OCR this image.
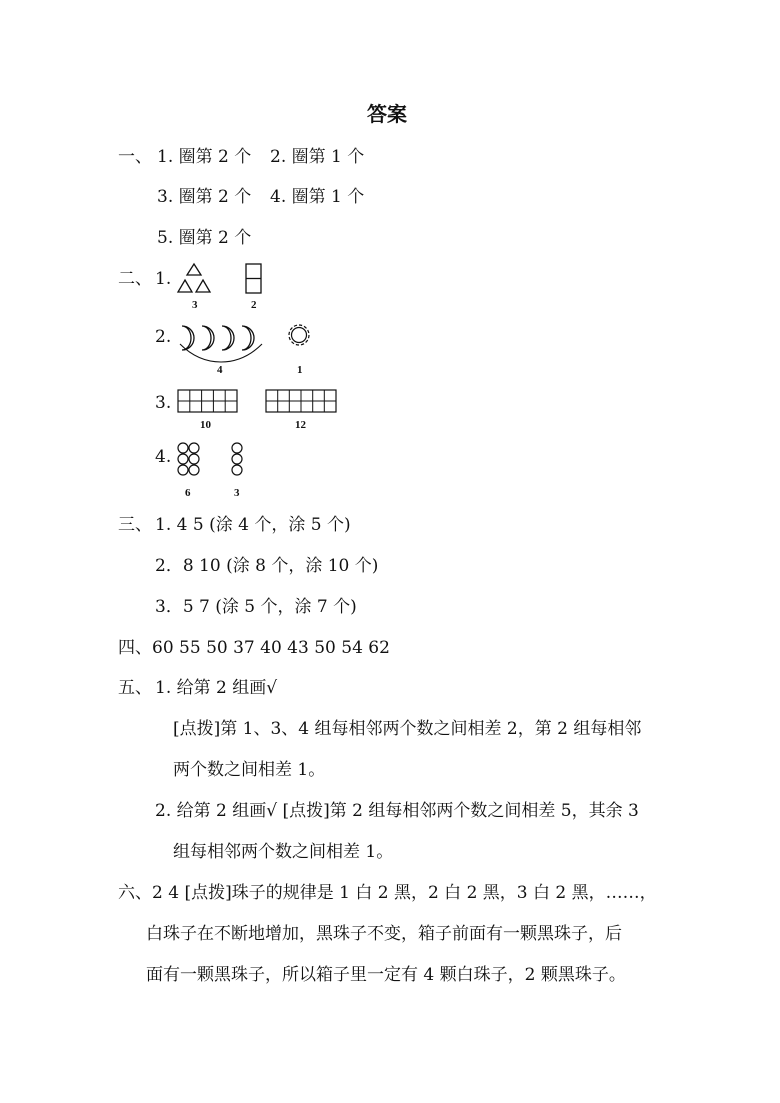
答案
一、 1. 圈第 2 个 2. 圈第 1 个
3. 圈第 2 个 4. 圈第 1 个
5. 圈第 2 个
二、 1.
3	2
2.
4	1
3.
10	12
4.
6	3
三、 1. 4 5 (涂 4 个，涂 5 个)
2．8 10 (涂 8 个，涂 10 个)
3．5 7 (涂 5 个，涂 7 个)
四、60 55 50 37 40 43 50 54 62
五、 1. 给第 2 组画√
[点拨]第 1、3、4 组每相邻两个数之间相差 2，第 2 组每相邻
两个数之间相差 1。
2. 给第 2 组画√ [点拨]第 2 组每相邻两个数之间相差 5，其余 3
组每相邻两个数之间相差 1。
六、2 4 [点拨]珠子的规律是 1 白 2 黑，2 白 2 黑，3 白 2 黑，……，
白珠子在不断地增加，黑珠子不变，箱子前面有一颗黑珠子，后
面有一颗黑珠子，所以箱子里一定有 4 颗白珠子，2 颗黑珠子。
